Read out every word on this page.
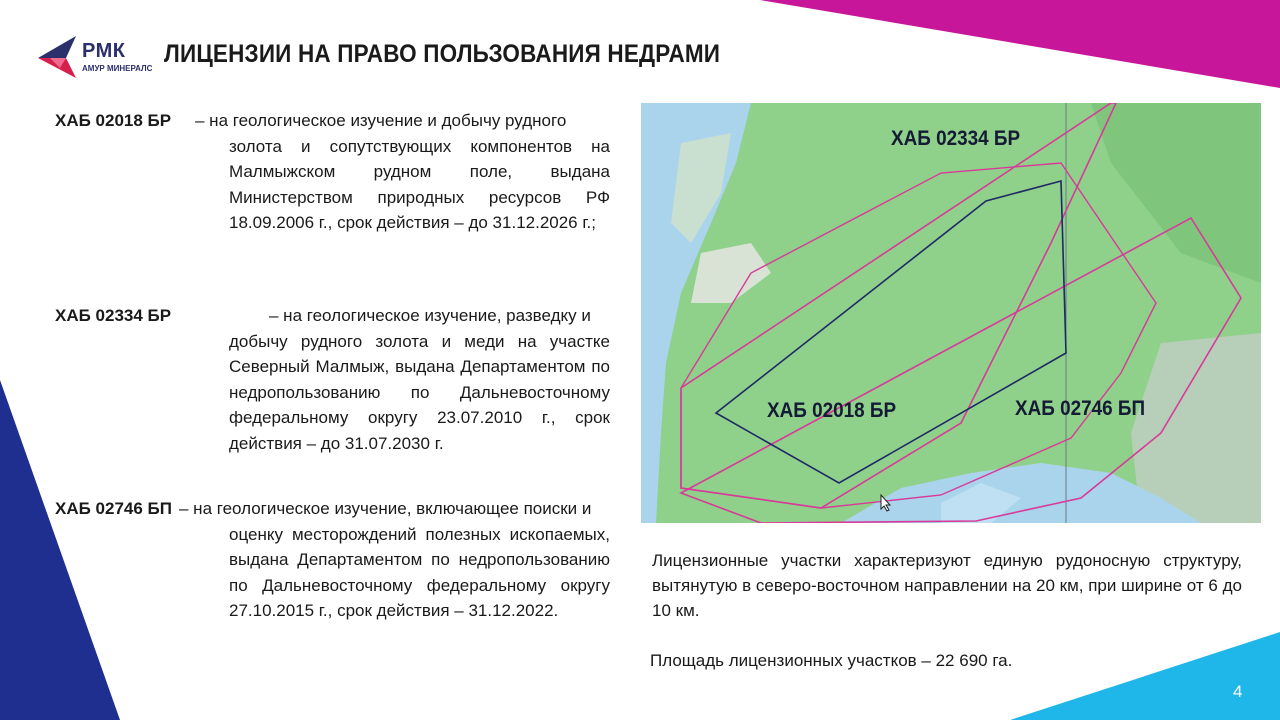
РМК
АМУР МИНЕРАЛС
ЛИЦЕНЗИИ НА ПРАВО ПОЛЬЗОВАНИЯ НЕДРАМИ
ХАБ 02018 БР – на геологическое изучение и добычу рудного
золота и сопутствующих компонентов на Малмыжском рудном поле, выдана Министерством природных ресурсов РФ 18.09.2006 г., срок действия – до 31.12.2026 г.;
ХАБ 02334 БР	– на геологическое изучение, разведку и
добычу рудного золота и меди на участке Северный Малмыж, выдана Департаментом по недропользованию по Дальневосточному федеральному округу 23.07.2010 г., срок действия – до 31.07.2030 г.
ХАБ 02746 БП – на геологическое изучение, включающее поиски и
оценку месторождений полезных ископаемых, выдана Департаментом по недропользованию по Дальневосточному федеральному округу 27.10.2015 г., срок действия – 31.12.2022.
ХАБ 02334 БР
ХАБ 02018 БР	ХАБ 02746 БП
Лицензионные участки характеризуют единую рудоносную структуру, вытянутую в северо-восточном направлении на 20 км, при ширине от 6 до 10 км.
Площадь лицензионных участков – 22 690 га.
4
